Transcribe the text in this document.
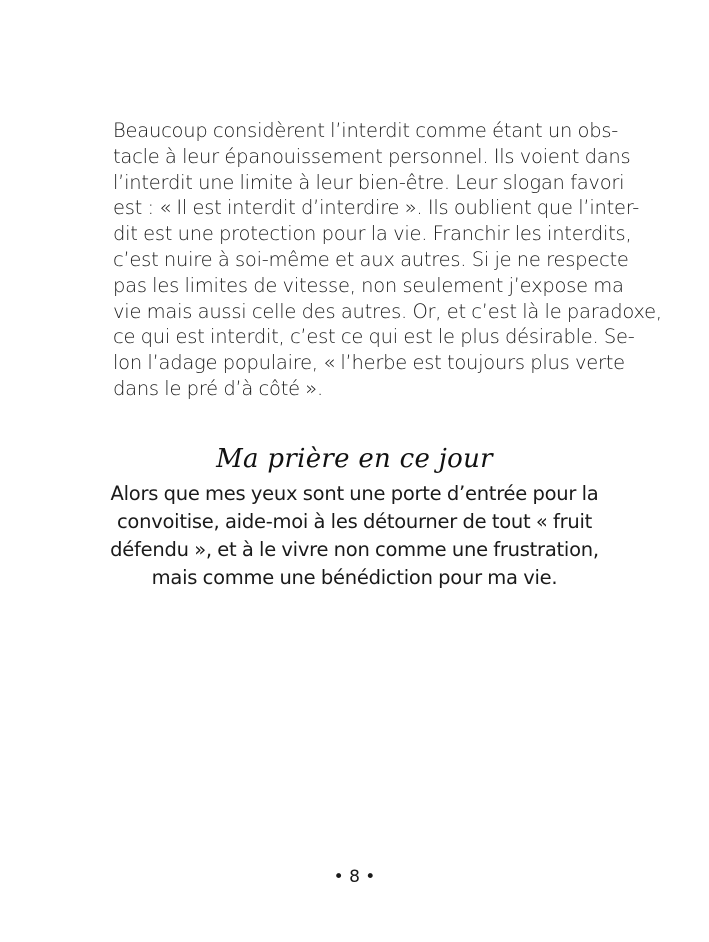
Beaucoup considèrent l’interdit comme étant un obs-
tacle à leur épanouissement personnel. Ils voient dans
l’interdit une limite à leur bien-être. Leur slogan favori
est : « Il est interdit d’interdire ». Ils oublient que l’inter-
dit est une protection pour la vie. Franchir les interdits,
c’est nuire à soi-même et aux autres. Si je ne respecte
pas les limites de vitesse, non seulement j’expose ma
vie mais aussi celle des autres. Or, et c’est là le paradoxe,
ce qui est interdit, c’est ce qui est le plus désirable. Se-
lon l’adage populaire, « l’herbe est toujours plus verte
dans le pré d’à côté ».
Ma prière en ce jour
Alors que mes yeux sont une porte d’entrée pour la
convoitise, aide-moi à les détourner de tout « fruit
défendu », et à le vivre non comme une frustration,
mais comme une bénédiction pour ma vie.
• 8 •
